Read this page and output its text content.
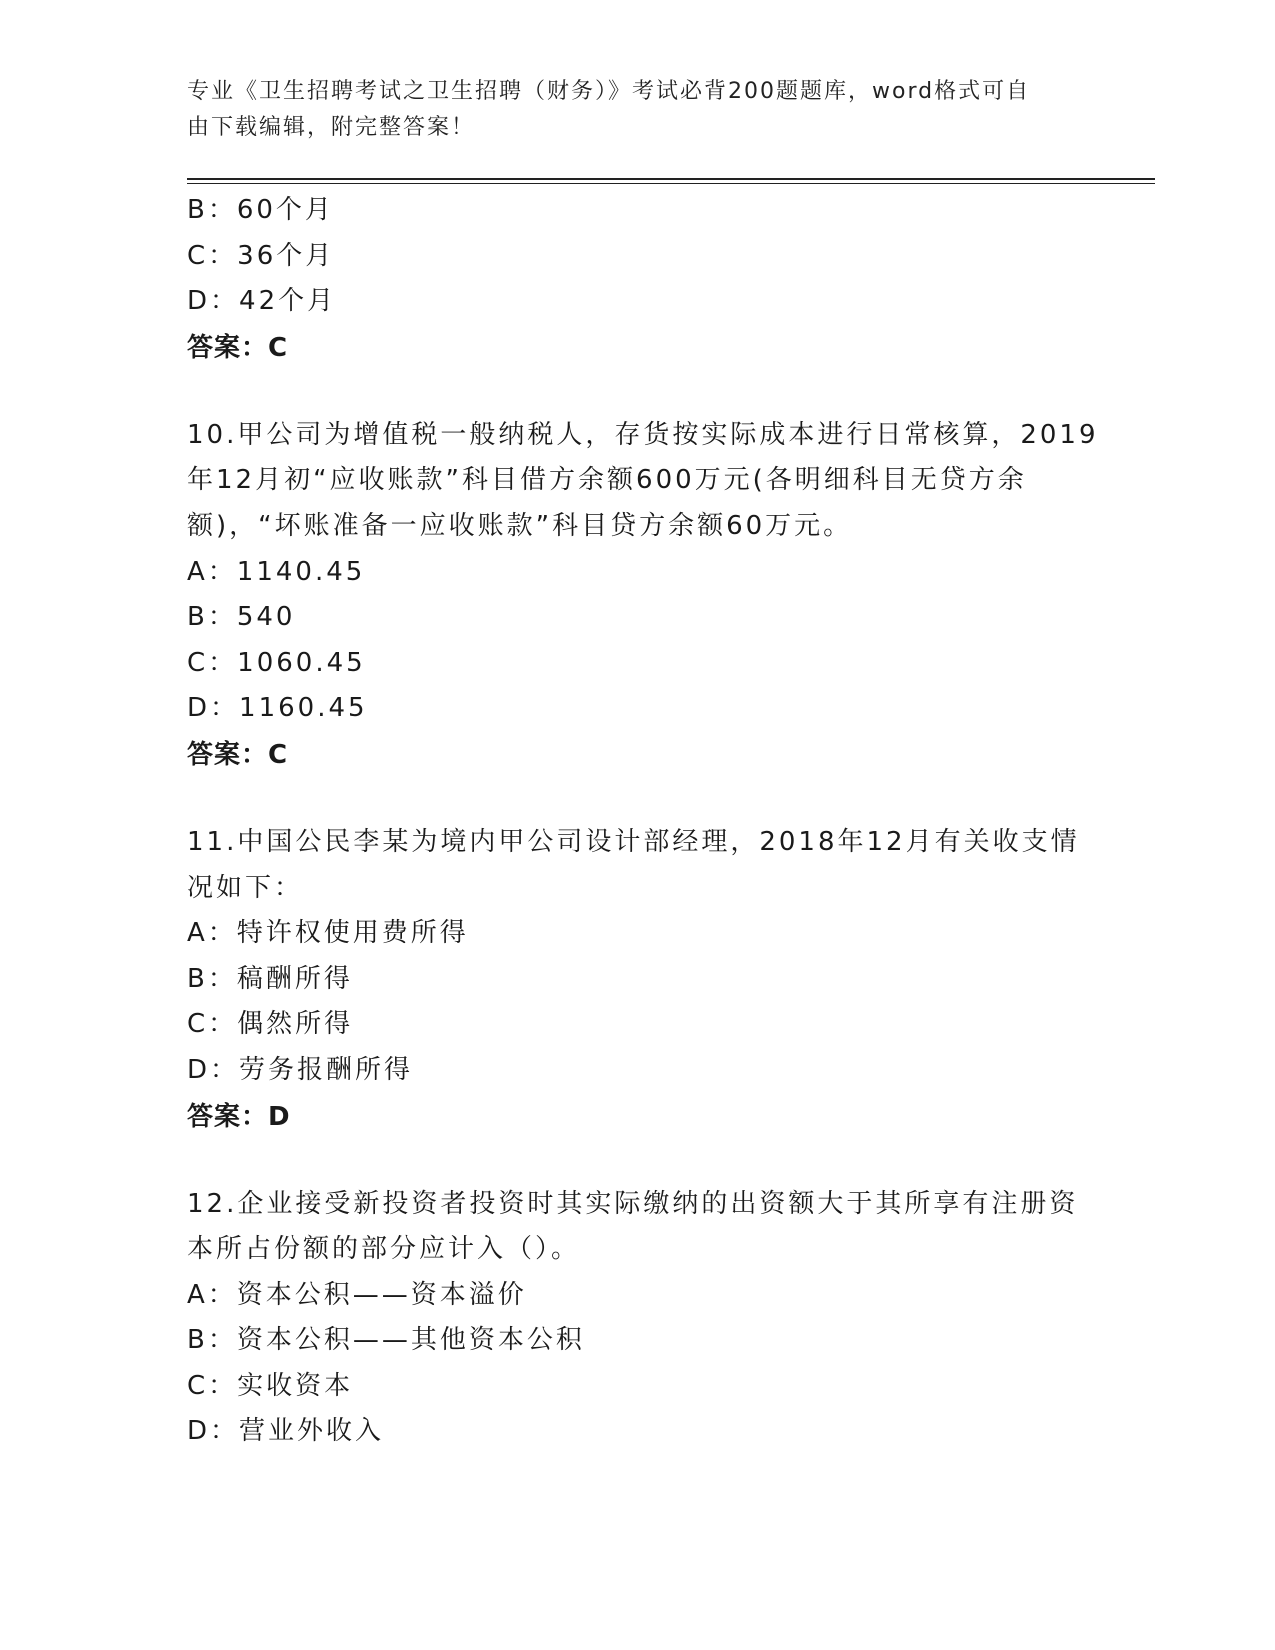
专业《卫生招聘考试之卫生招聘（财务）》考试必背200题题库，word格式可自
由下载编辑，附完整答案！
B：60个月
C：36个月
D：42个月
答案：C
10.甲公司为增值税一般纳税人，存货按实际成本进行日常核算，2019
年12月初“应收账款”科目借方余额600万元(各明细科目无贷方余
额)，“坏账准备一应收账款”科目贷方余额60万元。
A：1140.45
B：540
C：1060.45
D：1160.45
答案：C
11.中国公民李某为境内甲公司设计部经理，2018年12月有关收支情
况如下：
A：特许权使用费所得
B：稿酬所得
C：偶然所得
D：劳务报酬所得
答案：D
12.企业接受新投资者投资时其实际缴纳的出资额大于其所享有注册资
本所占份额的部分应计入（）。
A：资本公积——资本溢价
B：资本公积——其他资本公积
C：实收资本
D：营业外收入
